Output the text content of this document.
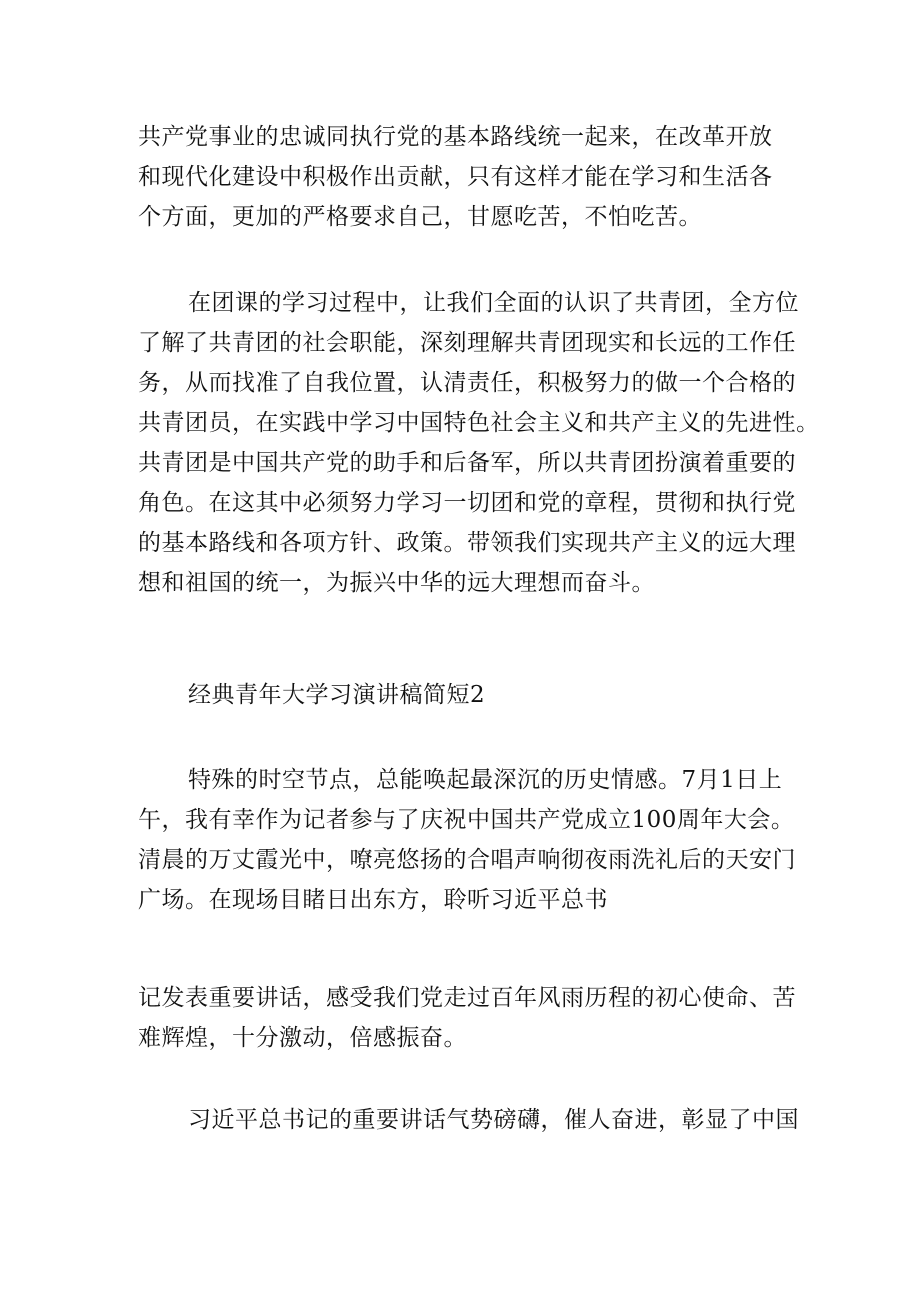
共产党事业的忠诚同执行党的基本路线统一起来，在改革开放
和现代化建设中积极作出贡献，只有这样才能在学习和生活各
个方面，更加的严格要求自己，甘愿吃苦，不怕吃苦。
在团课的学习过程中，让我们全面的认识了共青团，全方位
了解了共青团的社会职能，深刻理解共青团现实和长远的工作任
务，从而找准了自我位置，认清责任，积极努力的做一个合格的
共青团员，在实践中学习中国特色社会主义和共产主义的先进性。
共青团是中国共产党的助手和后备军，所以共青团扮演着重要的
角色。在这其中必须努力学习一切团和党的章程，贯彻和执行党
的基本路线和各项方针、政策。带领我们实现共产主义的远大理
想和祖国的统一，为振兴中华的远大理想而奋斗。
经典青年大学习演讲稿简短2
特殊的时空节点，总能唤起最深沉的历史情感。7月1日上
午，我有幸作为记者参与了庆祝中国共产党成立100周年大会。
清晨的万丈霞光中，嘹亮悠扬的合唱声响彻夜雨洗礼后的天安门
广场。在现场目睹日出东方，聆听习近平总书
记发表重要讲话，感受我们党走过百年风雨历程的初心使命、苦
难辉煌，十分激动，倍感振奋。
习近平总书记的重要讲话气势磅礴，催人奋进，彰显了中国
